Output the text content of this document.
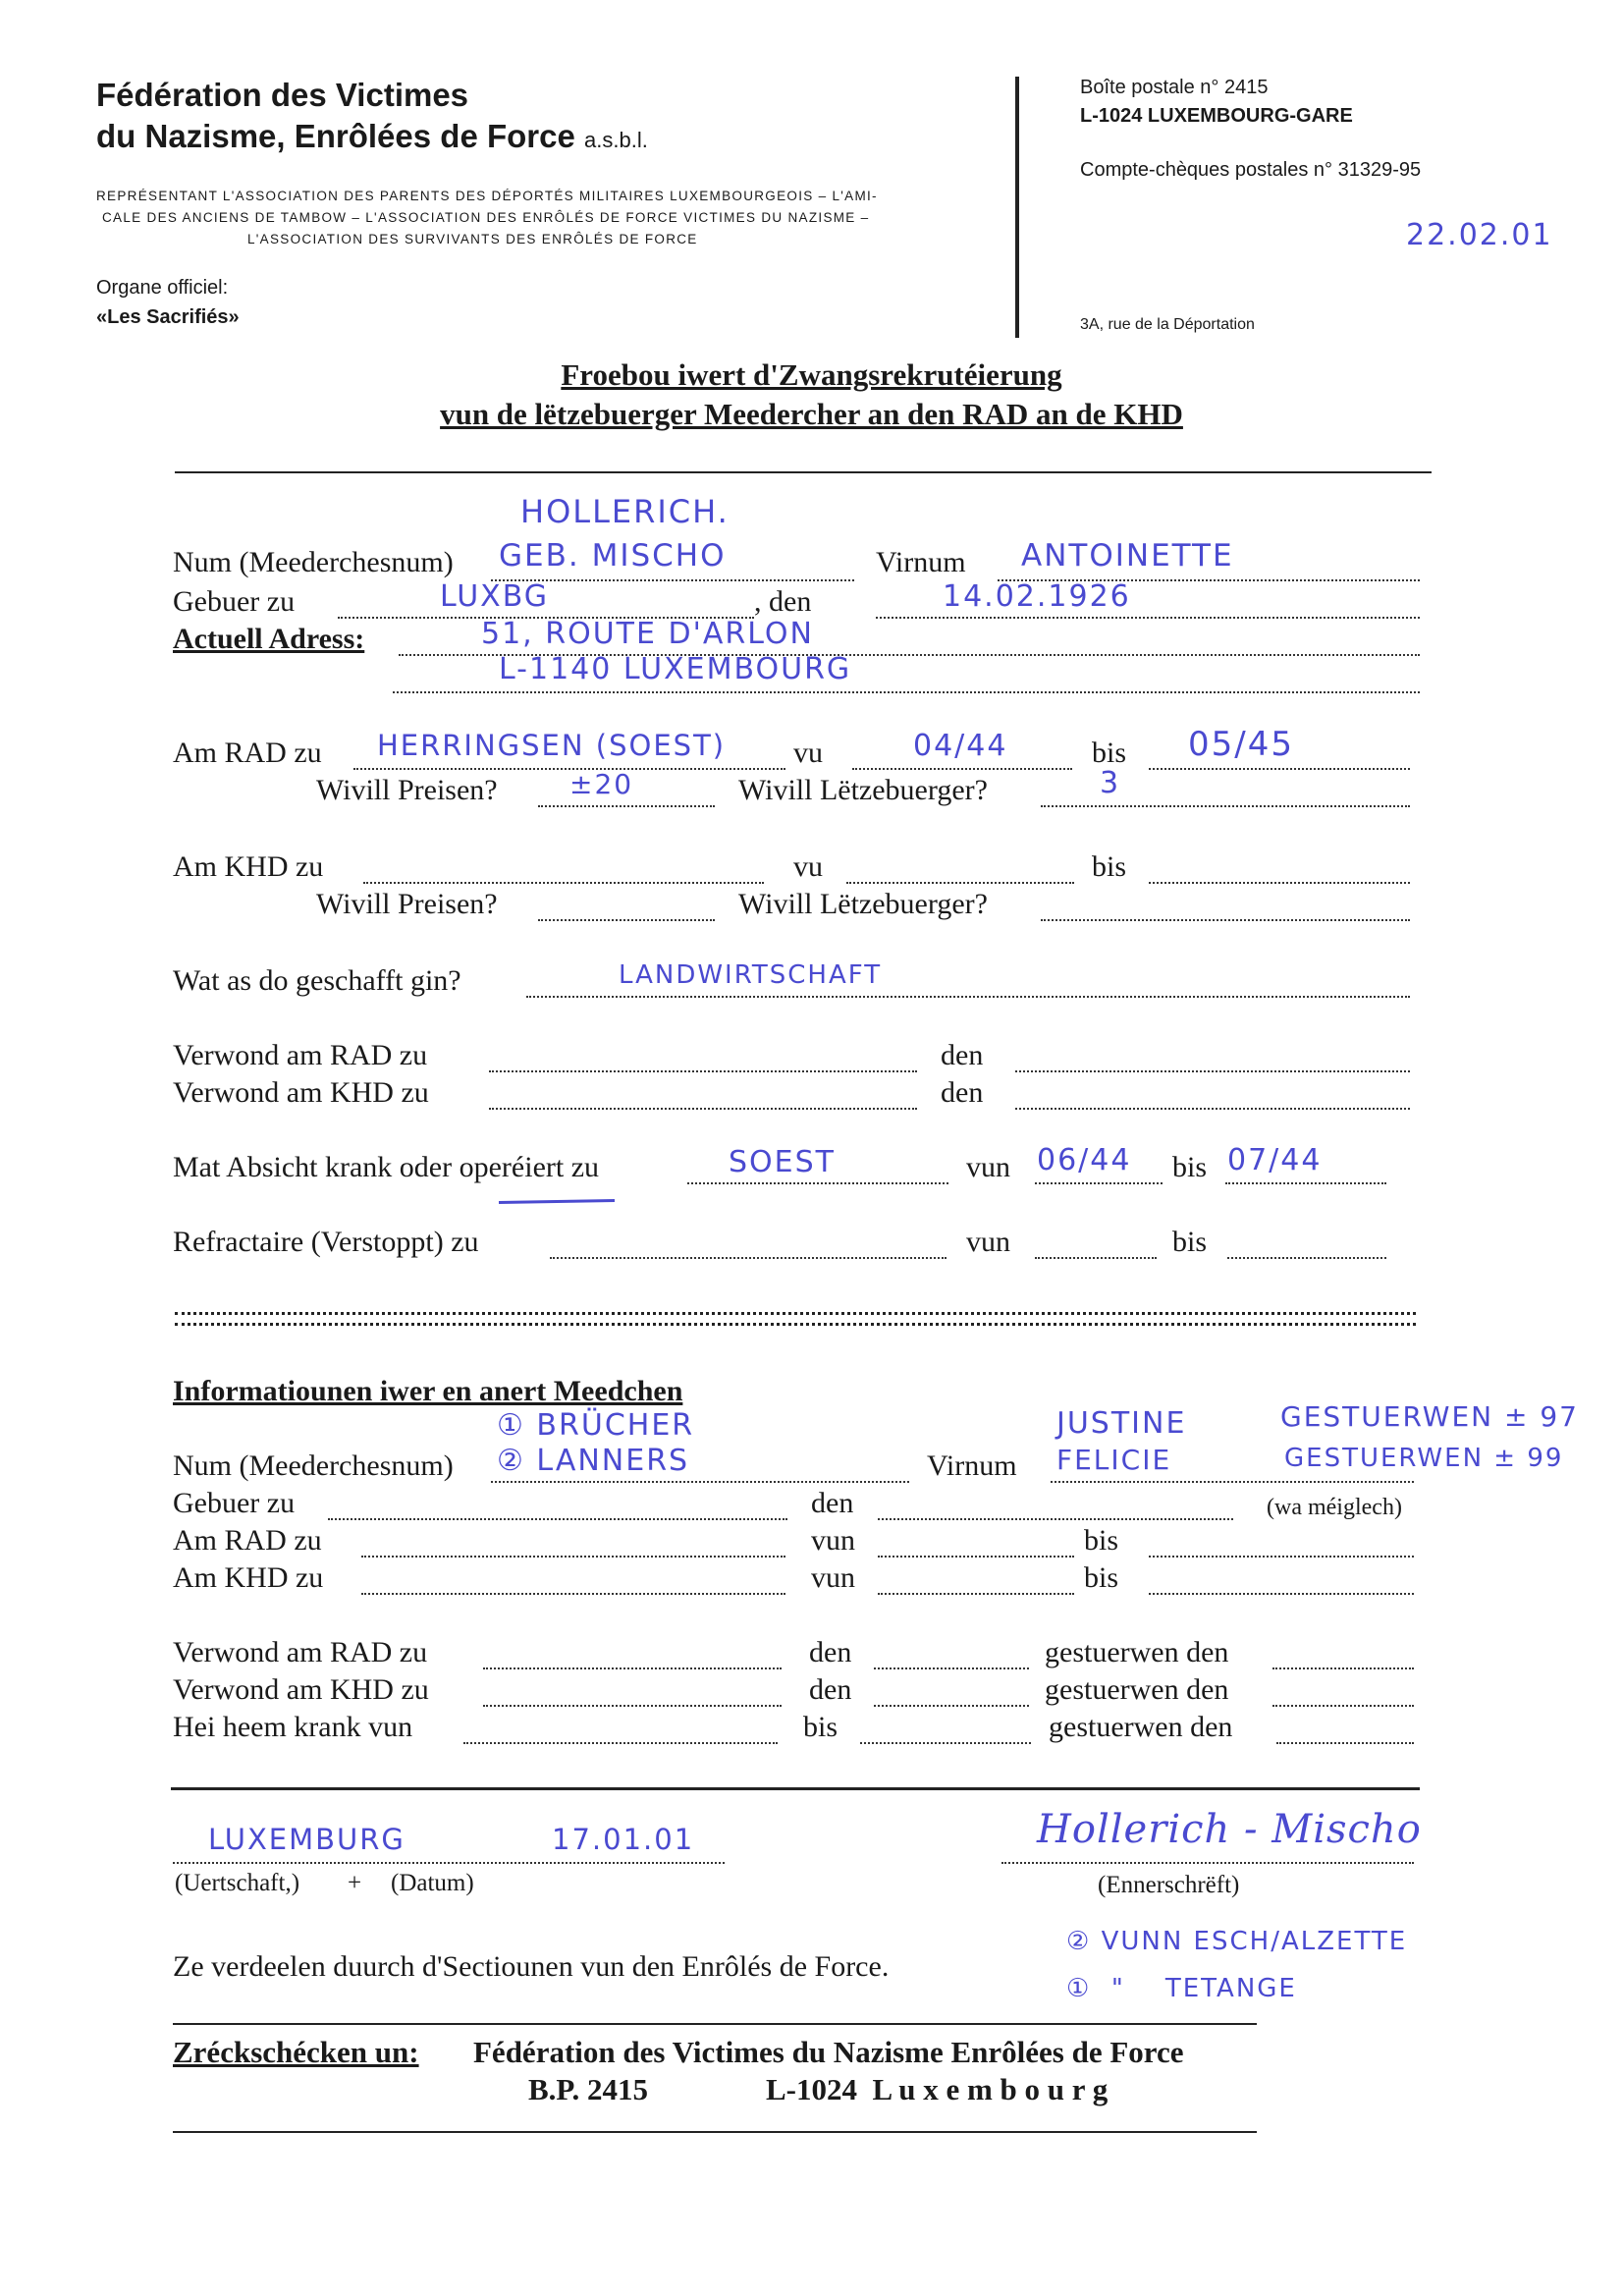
Fédération des Victimes
du Nazisme, Enrôlées de Force a.s.b.l.
REPRÉSENTANT L'ASSOCIATION DES PARENTS DES DÉPORTÉS MILITAIRES LUXEMBOURGEOIS – L'AMI-
CALE DES ANCIENS DE TAMBOW – L'ASSOCIATION DES ENRÔLÉS DE FORCE VICTIMES DU NAZISME –
L'ASSOCIATION DES SURVIVANTS DES ENRÔLÉS DE FORCE
Organe officiel:
«Les Sacrifiés»
Boîte postale n° 2415
L-1024 LUXEMBOURG-GARE
Compte-chèques postales n° 31329-95
22.02.01
3A, rue de la Déportation
Froebou iwert d'Zwangsrekrutéierung
vun de lëtzebuerger Meedercher an den RAD an de KHD
HOLLERICH.
Num (Meederchesnum) GEB. MISCHO	Virnum ANTOINETTE
Gebuer zu	LUXBG	, den	14.02.1926
Actuell Adress:	51, ROUTE D'ARLON
L-1140 LUXEMBOURG
Am RAD zu HERRINGSEN (SOEST) vu	04/44	bis 05/45
Wivill Preisen?	±20	Wivill Lëtzebuerger?	3
Am KHD zu	vu	bis
Wivill Preisen?	Wivill Lëtzebuerger?
Wat as do geschafft gin?	LANDWIRTSCHAFT
Verwond am RAD zu	den
Verwond am KHD zu	den
Mat Absicht krank oder operéiert zu	SOEST	vun 06/44 bis 07/44
Refractaire (Verstoppt) zu	vun	bis
Informatiounen iwer en anert Meedchen
① BRÜCHER	JUSTINE	GESTUERWEN ± 97
Num (Meederchesnum) ② LANNERS	Virnum FELICIE	GESTUERWEN ± 99
Gebuer zu	den	(wa méiglech)
Am RAD zu	vun	bis
Am KHD zu	vun	bis
Verwond am RAD zu	den	gestuerwen den
Verwond am KHD zu	den	gestuerwen den
Hei heem krank vun	bis	gestuerwen den
LUXEMBURG	17.01.01
(Uertschaft,) + (Datum)
Hollerich - Mischo
(Ennerschrëft)
② VUNN ESCH/ALZETTE
Ze verdeelen duurch d'Sectiounen vun den Enrôlés de Force.
①  "    TETANGE
Zréckschécken un: Fédération des Victimes du Nazisme Enrôlées de Force
B.P. 2415	L-1024  L u x e m b o u r g
